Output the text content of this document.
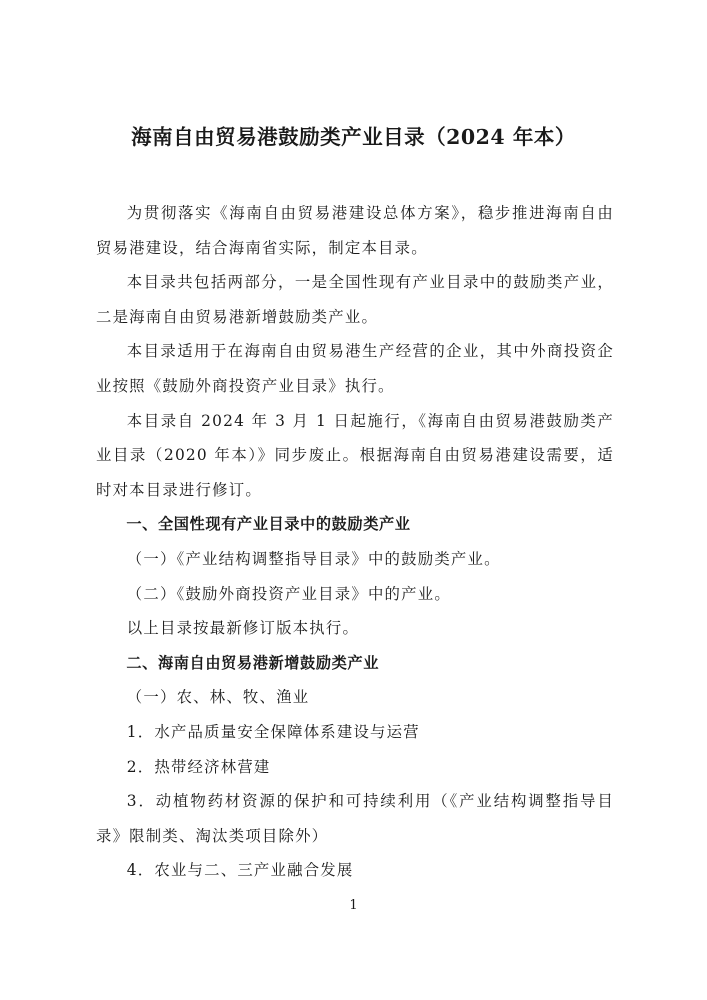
海南自由贸易港鼓励类产业目录（2024 年本）

为贯彻落实《海南自由贸易港建设总体方案》，稳步推进海南自由贸易港建设，结合海南省实际，制定本目录。

本目录共包括两部分，一是全国性现有产业目录中的鼓励类产业，二是海南自由贸易港新增鼓励类产业。

本目录适用于在海南自由贸易港生产经营的企业，其中外商投资企业按照《鼓励外商投资产业目录》执行。

本目录自 2024 年 3 月 1 日起施行，《海南自由贸易港鼓励类产业目录（2020 年本）》同步废止。根据海南自由贸易港建设需要，适时对本目录进行修订。

一、全国性现有产业目录中的鼓励类产业

（一）《产业结构调整指导目录》中的鼓励类产业。

（二）《鼓励外商投资产业目录》中的产业。

以上目录按最新修订版本执行。

二、海南自由贸易港新增鼓励类产业

（一）农、林、牧、渔业

1．水产品质量安全保障体系建设与运营

2．热带经济林营建

3．动植物药材资源的保护和可持续利用（《产业结构调整指导目录》限制类、淘汰类项目除外）

4．农业与二、三产业融合发展

1
